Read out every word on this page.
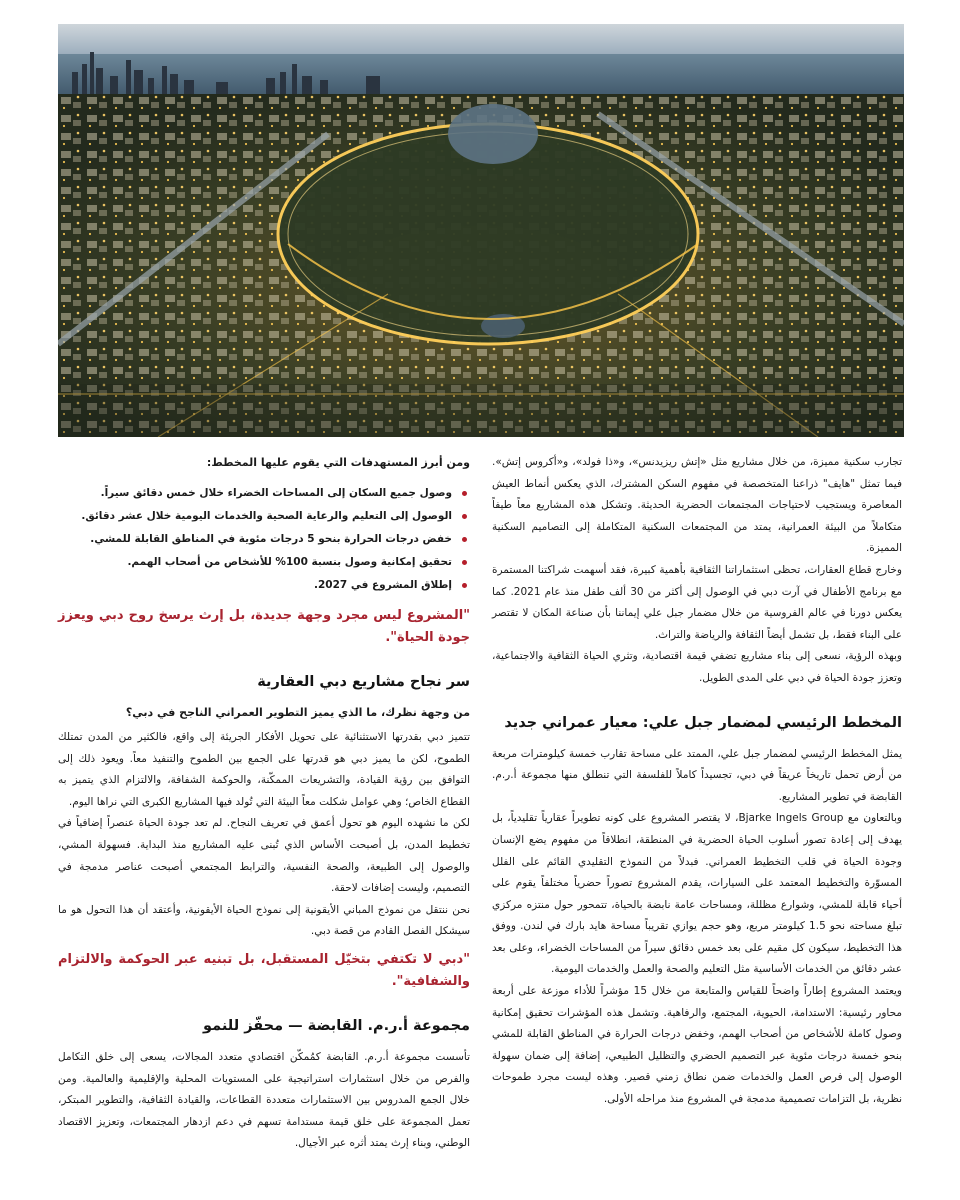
تجارب سكنية مميزة، من خلال مشاريع مثل «إتش ريزيدنس»، و«ذا فولد»، و«أكروس إتش». فيما تمثل "هايف" ذراعنا المتخصصة في مفهوم السكن المشترك، الذي يعكس أنماط العيش المعاصرة ويستجيب لاحتياجات المجتمعات الحضرية الحديثة. وتشكل هذه المشاريع معاً طيفاً متكاملاً من البيئة العمرانية، يمتد من المجتمعات السكنية المتكاملة إلى التصاميم السكنية المميزة.

وخارج قطاع العقارات، تحظى استثماراتنا الثقافية بأهمية كبيرة، فقد أسهمت شراكتنا المستمرة مع برنامج الأطفال في آرت دبي في الوصول إلى أكثر من 30 ألف طفل منذ عام 2021. كما يعكس دورنا في عالم الفروسية من خلال مضمار جبل علي إيماننا بأن صناعة المكان لا تقتصر على البناء فقط، بل تشمل أيضاً الثقافة والرياضة والتراث.

وبهذه الرؤية، نسعى إلى بناء مشاريع تضفي قيمة اقتصادية، وتثري الحياة الثقافية والاجتماعية، وتعزز جودة الحياة في دبي على المدى الطويل.

المخطط الرئيسي لمضمار جبل علي: معيار عمراني جديد

يمثل المخطط الرئيسي لمضمار جبل علي، الممتد على مساحة تقارب خمسة كيلومترات مربعة من أرض تحمل تاريخاً عريقاً في دبي، تجسيداً كاملاً للفلسفة التي تنطلق منها مجموعة أ.ر.م. القابضة في تطوير المشاريع.

وبالتعاون مع Bjarke Ingels Group، لا يقتصر المشروع على كونه تطويراً عقارياً تقليدياً، بل يهدف إلى إعادة تصور أسلوب الحياة الحضرية في المنطقة، انطلاقاً من مفهوم يضع الإنسان وجودة الحياة في قلب التخطيط العمراني. فبدلاً من النموذج التقليدي القائم على الفلل المسوّرة والتخطيط المعتمد على السيارات، يقدم المشروع تصوراً حضرياً مختلفاً يقوم على أحياء قابلة للمشي، وشوارع مظللة، ومساحات عامة نابضة بالحياة، تتمحور حول منتزه مركزي تبلغ مساحته نحو 1.5 كيلومتر مربع، وهو حجم يوازي تقريباً مساحة هايد بارك في لندن. ووفق هذا التخطيط، سيكون كل مقيم على بعد خمس دقائق سيراً من المساحات الخضراء، وعلى بعد عشر دقائق من الخدمات الأساسية مثل التعليم والصحة والعمل والخدمات اليومية.

ويعتمد المشروع إطاراً واضحاً للقياس والمتابعة من خلال 15 مؤشراً للأداء موزعة على أربعة محاور رئيسية: الاستدامة، الحيوية، المجتمع، والرفاهية. وتشمل هذه المؤشرات تحقيق إمكانية وصول كاملة للأشخاص من أصحاب الهمم، وخفض درجات الحرارة في المناطق القابلة للمشي بنحو خمسة درجات مئوية عبر التصميم الحضري والتظليل الطبيعي، إضافة إلى ضمان سهولة الوصول إلى فرص العمل والخدمات ضمن نطاق زمني قصير. وهذه ليست مجرد طموحات نظرية، بل التزامات تصميمية مدمجة في المشروع منذ مراحله الأولى.

ومن أبرز المستهدفات التي يقوم عليها المخطط:

وصول جميع السكان إلى المساحات الخضراء خلال خمس دقائق سيراً.
الوصول إلى التعليم والرعاية الصحية والخدمات اليومية خلال عشر دقائق.
خفض درجات الحرارة بنحو 5 درجات مئوية في المناطق القابلة للمشي.
تحقيق إمكانية وصول بنسبة 100% للأشخاص من أصحاب الهمم.
إطلاق المشروع في 2027.

"المشروع ليس مجرد وجهة جديدة، بل إرث يرسخ روح دبي ويعزز جودة الحياة".

سر نجاح مشاريع دبي العقارية
من وجهة نظرك، ما الذي يميز التطوير العمراني الناجح في دبي؟

تتميز دبي بقدرتها الاستثنائية على تحويل الأفكار الجريئة إلى واقع، فالكثير من المدن تمتلك الطموح، لكن ما يميز دبي هو قدرتها على الجمع بين الطموح والتنفيذ معاً. ويعود ذلك إلى التوافق بين رؤية القيادة، والتشريعات الممكّنة، والحوكمة الشفافة، والالتزام الذي يتميز به القطاع الخاص؛ وهي عوامل شكلت معاً البيئة التي تُولد فيها المشاريع الكبرى التي نراها اليوم.

لكن ما نشهده اليوم هو تحول أعمق في تعريف النجاح. لم تعد جودة الحياة عنصراً إضافياً في تخطيط المدن، بل أصبحت الأساس الذي تُبنى عليه المشاريع منذ البداية. فسهولة المشي، والوصول إلى الطبيعة، والصحة النفسية، والترابط المجتمعي أصبحت عناصر مدمجة في التصميم، وليست إضافات لاحقة.

نحن ننتقل من نموذج المباني الأيقونية إلى نموذج الحياة الأيقونية، وأعتقد أن هذا التحول هو ما سيشكل الفصل القادم من قصة دبي.

"دبي لا تكتفي بتخيّل المستقبل، بل تبنيه عبر الحوكمة والالتزام والشفافية".

مجموعة أ.ر.م. القابضة — محفّز للنمو

تأسست مجموعة أ.ر.م. القابضة كمُمكّن اقتصادي متعدد المجالات، يسعى إلى خلق التكامل والفرص من خلال استثمارات استراتيجية على المستويات المحلية والإقليمية والعالمية. ومن خلال الجمع المدروس بين الاستثمارات متعددة القطاعات، والقيادة الثقافية، والتطوير المبتكر، تعمل المجموعة على خلق قيمة مستدامة تسهم في دعم ازدهار المجتمعات، وتعزيز الاقتصاد الوطني، وبناء إرث يمتد أثره عبر الأجيال.
